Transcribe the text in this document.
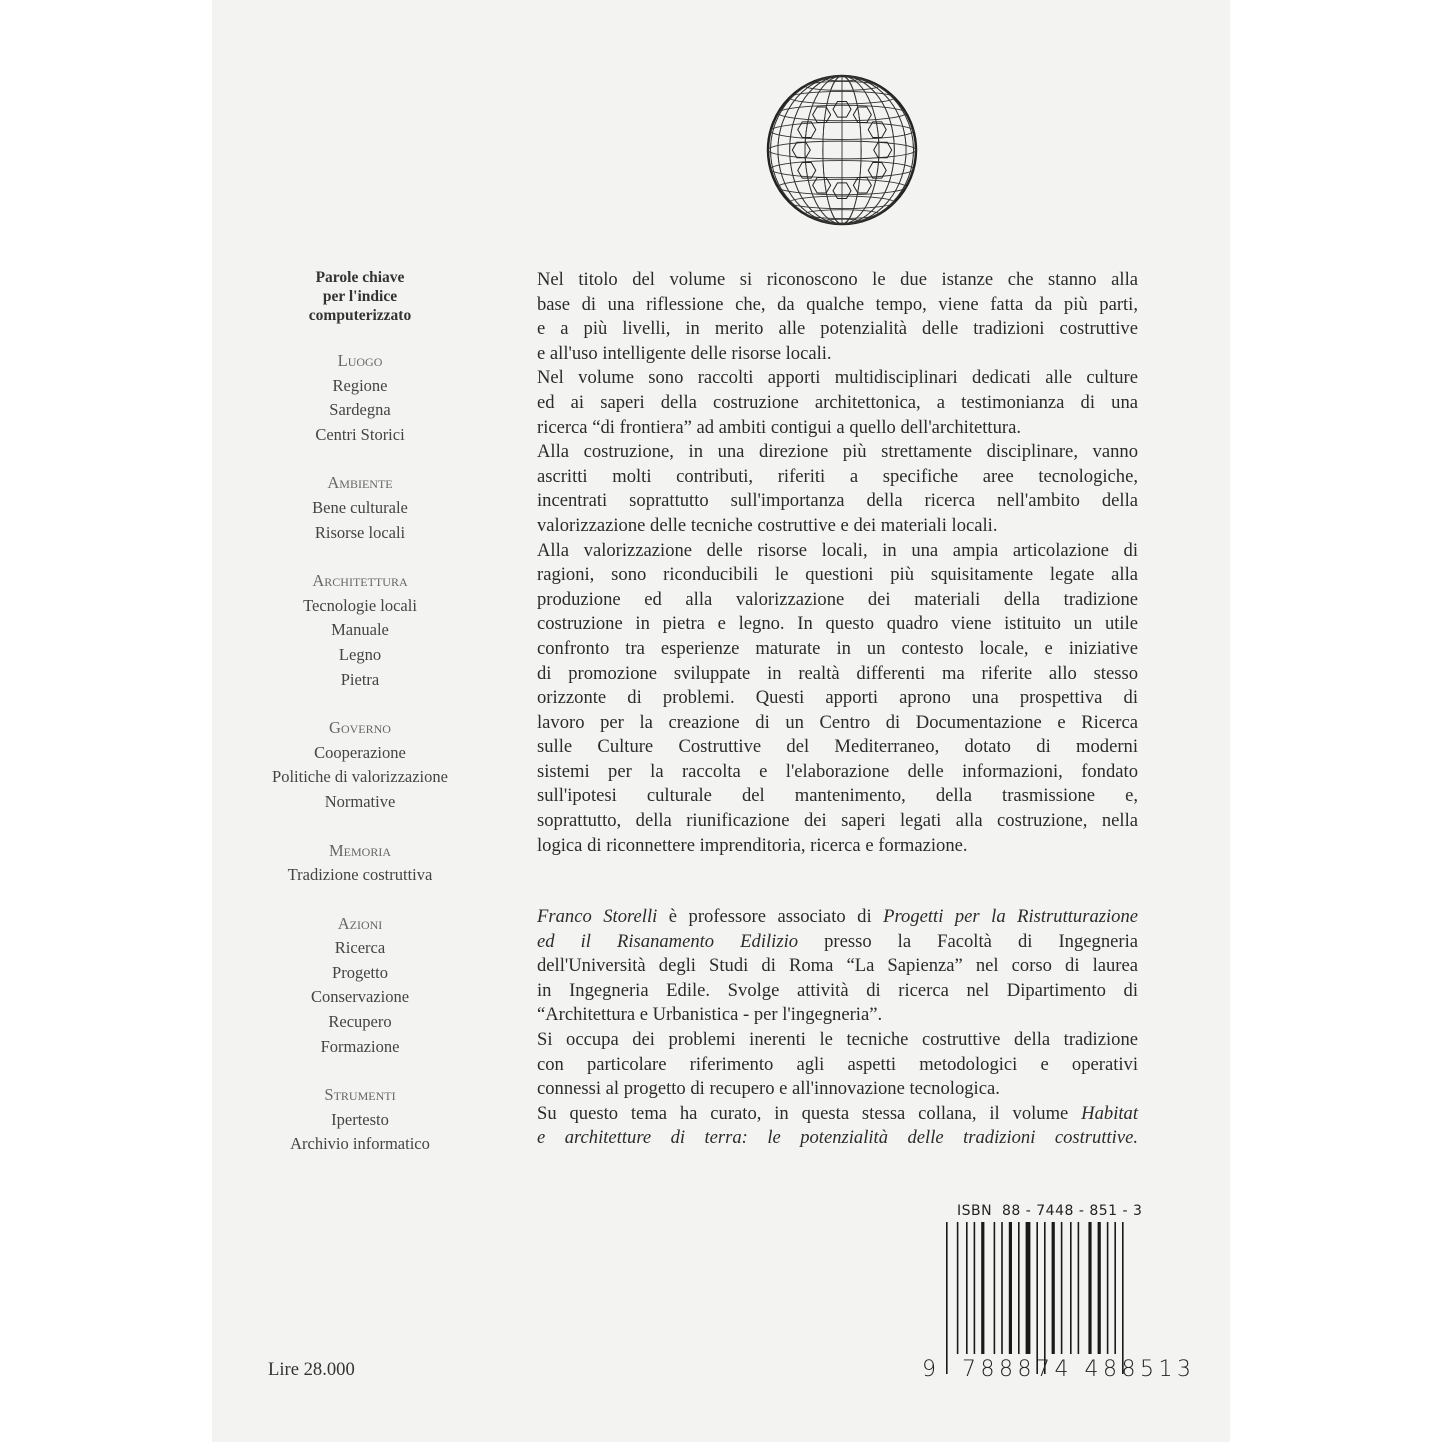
Parole chiave
per l'indice
computerizzato
Luogo
Regione
Sardegna
Centri Storici
Ambiente
Bene culturale
Risorse locali
Architettura
Tecnologie locali
Manuale
Legno
Pietra
Governo
Cooperazione
Politiche di valorizzazione
Normative
Memoria
Tradizione costruttiva
Azioni
Ricerca
Progetto
Conservazione
Recupero
Formazione
Strumenti
Ipertesto
Archivio informatico
Nel titolo del volume si riconoscono le due istanze che stanno alla
base di una riflessione che, da qualche tempo, viene fatta da più parti,
e a più livelli, in merito alle potenzialità delle tradizioni costruttive
e all'uso intelligente delle risorse locali.
Nel volume sono raccolti apporti multidisciplinari dedicati alle culture
ed ai saperi della costruzione architettonica, a testimonianza di una
ricerca “di frontiera” ad ambiti contigui a quello dell'architettura.
Alla costruzione, in una direzione più strettamente disciplinare, vanno
ascritti molti contributi, riferiti a specifiche aree tecnologiche,
incentrati soprattutto sull'importanza della ricerca nell'ambito della
valorizzazione delle tecniche costruttive e dei materiali locali.
Alla valorizzazione delle risorse locali, in una ampia articolazione di
ragioni, sono riconducibili le questioni più squisitamente legate alla
produzione ed alla valorizzazione dei materiali della tradizione
costruzione in pietra e legno. In questo quadro viene istituito un utile
confronto tra esperienze maturate in un contesto locale, e iniziative
di promozione sviluppate in realtà differenti ma riferite allo stesso
orizzonte di problemi. Questi apporti aprono una prospettiva di
lavoro per la creazione di un Centro di Documentazione e Ricerca
sulle Culture Costruttive del Mediterraneo, dotato di moderni
sistemi per la raccolta e l'elaborazione delle informazioni, fondato
sull'ipotesi culturale del mantenimento, della trasmissione e,
soprattutto, della riunificazione dei saperi legati alla costruzione, nella
logica di riconnettere imprenditoria, ricerca e formazione.
Franco Storelli è professore associato di Progetti per la Ristrutturazione
ed il Risanamento Edilizio presso la Facoltà di Ingegneria
dell'Università degli Studi di Roma “La Sapienza” nel corso di laurea
in Ingegneria Edile. Svolge attività di ricerca nel Dipartimento di
“Architettura e Urbanistica - per l'ingegneria”.
Si occupa dei problemi inerenti le tecniche costruttive della tradizione
con particolare riferimento agli aspetti metodologici e operativi
connessi al progetto di recupero e all'innovazione tecnologica.
Su questo tema ha curato, in questa stessa collana, il volume Habitat
e architetture di terra: le potenzialità delle tradizioni costruttive.
Lire 28.000
ISBN  88 - 7448 - 851 - 3
9 788874 488513
